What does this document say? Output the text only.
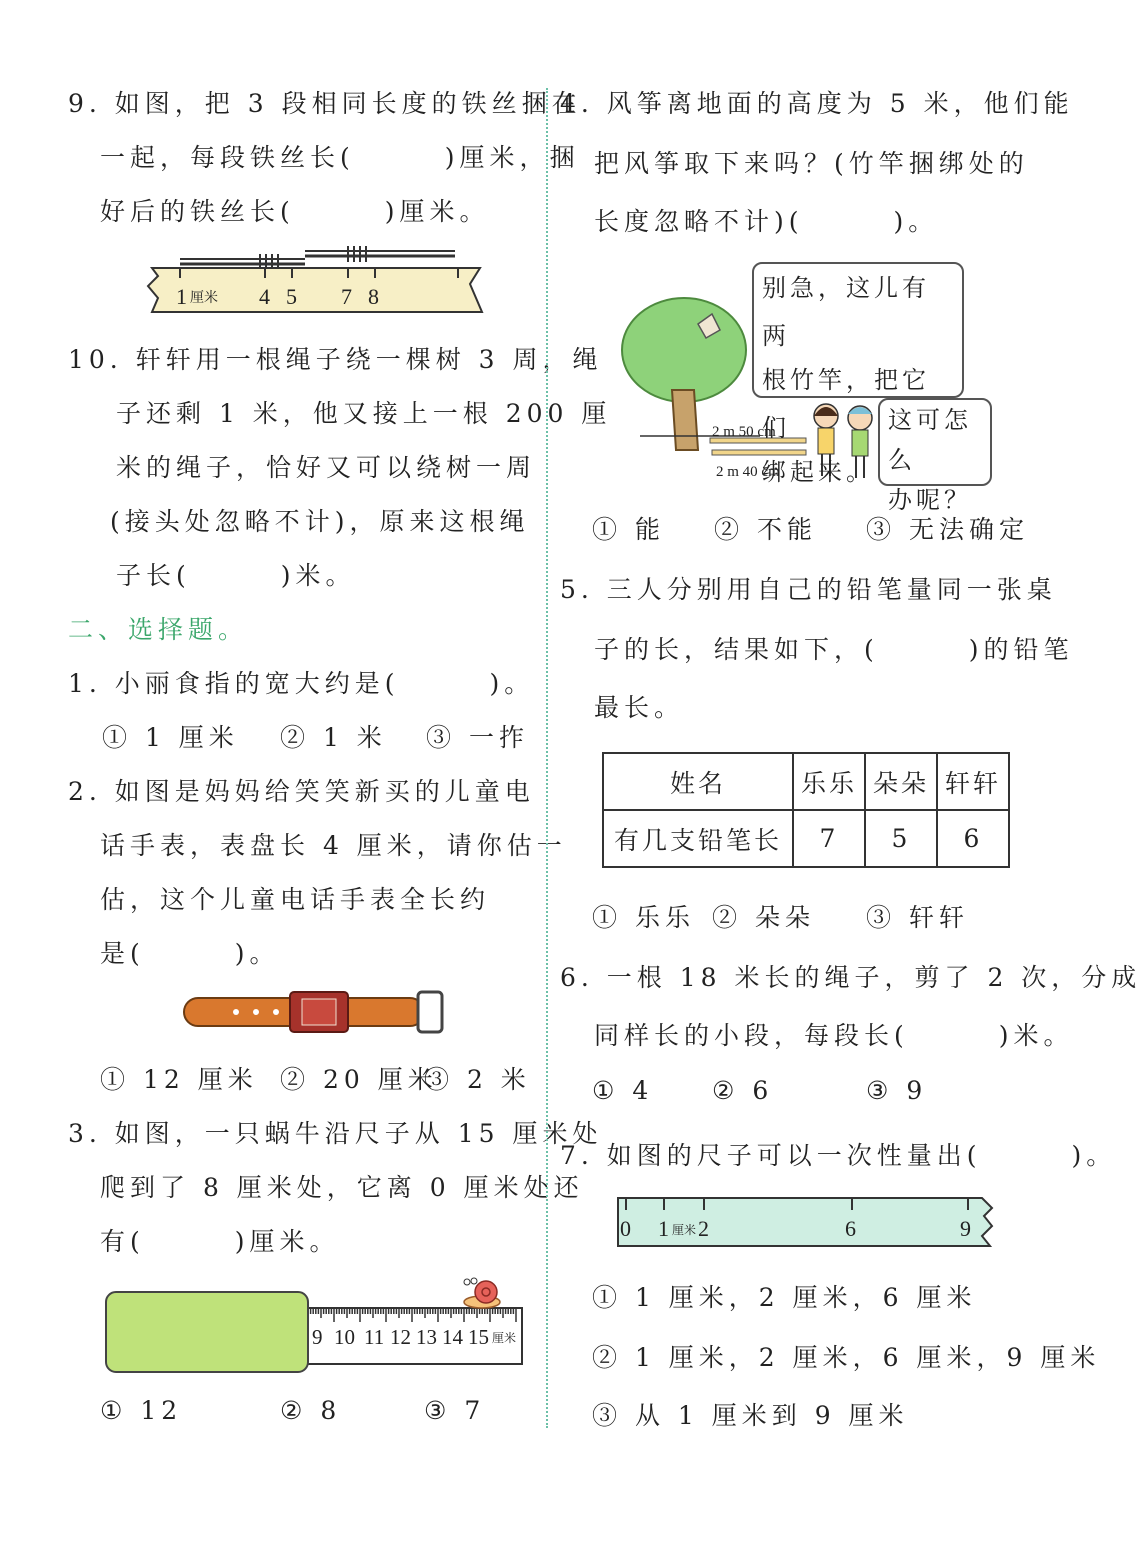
9. 如图，把 3 段相同长度的铁丝捆在
一起，每段铁丝长(　　　)厘米，捆
好后的铁丝长(　　　)厘米。
1 厘米 4 5 7 8
10. 轩轩用一根绳子绕一棵树 3 周，绳
子还剩 1 米，他又接上一根 200 厘
米的绳子，恰好又可以绕树一周
(接头处忽略不计)，原来这根绳
子长(　　　)米。
二、选择题。
1. 小丽食指的宽大约是(　　　)。
① 1 厘米 ② 1 米 ③ 一拃
2. 如图是妈妈给笑笑新买的儿童电
话手表，表盘长 4 厘米，请你估一
估，这个儿童电话手表全长约
是(　　　)。
① 12 厘米 ② 20 厘米
③ 2 米
3. 如图，一只蜗牛沿尺子从 15 厘米处
爬到了 8 厘米处，它离 0 厘米处还
有(　　　)厘米。
9 10 11 12 13 14 15 厘米
① 12	② 8	③ 7
4. 风筝离地面的高度为 5 米，他们能
把风筝取下来吗？(竹竿捆绑处的
长度忽略不计)(　　　)。
2 m 50 cm
2 m 40 cm
别急，这儿有两
根竹竿，把它们
绑起来。
这可怎么
办呢？
① 能 ② 不能 ③ 无法确定
5. 三人分别用自己的铅笔量同一张桌
子的长，结果如下，(　　　)的铅笔
最长。
姓名	乐乐	朵朵	轩轩
有几支铅笔长	7	5	6
① 乐乐 ② 朵朵 ③ 轩轩
6. 一根 18 米长的绳子，剪了 2 次，分成
同样长的小段，每段长(　　　)米。
① 4 ② 6	③ 9
7. 如图的尺子可以一次性量出(　　　)。
0 1 厘米 2	6	9
① 1 厘米，2 厘米，6 厘米
② 1 厘米，2 厘米，6 厘米，9 厘米
③ 从 1 厘米到 9 厘米
